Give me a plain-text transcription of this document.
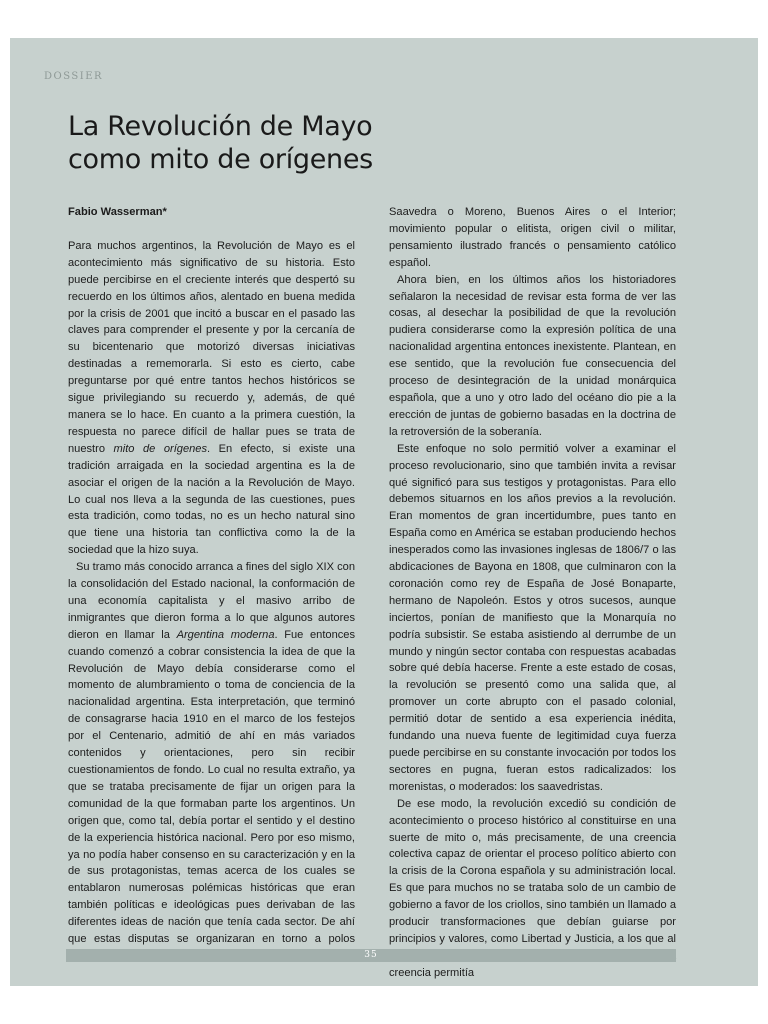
DOSSIER
La Revolución de Mayo
como mito de orígenes

Fabio Wasserman*

Para muchos argentinos, la Revolución de Mayo es el acontecimiento más significativo de su historia. Esto puede percibirse en el creciente interés que despertó su recuerdo en los últimos años, alentado en buena medida por la crisis de 2001 que incitó a buscar en el pasado las claves para comprender el presente y por la cercanía de su bicentenario que motorizó diversas iniciativas destinadas a rememorarla. Si esto es cierto, cabe preguntarse por qué entre tantos hechos históricos se sigue privilegiando su recuerdo y, además, de qué manera se lo hace. En cuanto a la primera cuestión, la respuesta no parece difícil de hallar pues se trata de nuestro mito de orígenes. En efecto, si existe una tradición arraigada en la sociedad argentina es la de asociar el origen de la nación a la Revolución de Mayo. Lo cual nos lleva a la segunda de las cuestiones, pues esta tradición, como todas, no es un hecho natural sino que tiene una historia tan conflictiva como la de la sociedad que la hizo suya.

Su tramo más conocido arranca a fines del siglo XIX con la consolidación del Estado nacional, la conformación de una economía capitalista y el masivo arribo de inmigrantes que dieron forma a lo que algunos autores dieron en llamar la Argentina moderna. Fue entonces cuando comenzó a cobrar consistencia la idea de que la Revolución de Mayo debía considerarse como el momento de alumbramiento o toma de conciencia de la nacionalidad argentina. Esta interpretación, que terminó de consagrarse hacia 1910 en el marco de los festejos por el Centenario, admitió de ahí en más variados contenidos y orientaciones, pero sin recibir cuestionamientos de fondo. Lo cual no resulta extraño, ya que se trataba precisamente de fijar un origen para la comunidad de la que formaban parte los argentinos. Un origen que, como tal, debía portar el sentido y el destino de la experiencia histórica nacional. Pero por eso mismo, ya no podía haber consenso en su caracterización y en la de sus protagonistas, temas acerca de los cuales se entablaron numerosas polémicas históricas que eran también políticas e ideológicas pues derivaban de las diferentes ideas de nación que tenía cada sector. De ahí que estas disputas se organizaran en torno a polos

Saavedra o Moreno, Buenos Aires o el Interior; movimiento popular o elitista, origen civil o militar, pensamiento ilustrado francés o pensamiento católico español.

Ahora bien, en los últimos años los historiadores señalaron la necesidad de revisar esta forma de ver las cosas, al desechar la posibilidad de que la revolución pudiera considerarse como la expresión política de una nacionalidad argentina entonces inexistente. Plantean, en ese sentido, que la revolución fue consecuencia del proceso de desintegración de la unidad monárquica española, que a uno y otro lado del océano dio pie a la erección de juntas de gobierno basadas en la doctrina de la retroversión de la soberanía.

Este enfoque no solo permitió volver a examinar el proceso revolucionario, sino que también invita a revisar qué significó para sus testigos y protagonistas. Para ello debemos situarnos en los años previos a la revolución. Eran momentos de gran incertidumbre, pues tanto en España como en América se estaban produciendo hechos inesperados como las invasiones inglesas de 1806/7 o las abdicaciones de Bayona en 1808, que culminaron con la coronación como rey de España de José Bonaparte, hermano de Napoleón. Estos y otros sucesos, aunque inciertos, ponían de manifiesto que la Monarquía no podría subsistir. Se estaba asistiendo al derrumbe de un mundo y ningún sector contaba con respuestas acabadas sobre qué debía hacerse. Frente a este estado de cosas, la revolución se presentó como una salida que, al promover un corte abrupto con el pasado colonial, permitió dotar de sentido a esa experiencia inédita, fundando una nueva fuente de legitimidad cuya fuerza puede percibirse en su constante invocación por todos los sectores en pugna, fueran estos radicalizados: los morenistas, o moderados: los saavedristas.

De ese modo, la revolución excedió su condición de acontecimiento o proceso histórico al constituirse en una suerte de mito o, más precisamente, de una creencia colectiva capaz de orientar el proceso político abierto con la crisis de la Corona española y su administración local. Es que para muchos no se trataba solo de un cambio de gobierno a favor de los criollos, sino también un llamado a producir transformaciones que debían guiarse por principios y valores, como Libertad y Justicia, a los que al creencia permitía

35
